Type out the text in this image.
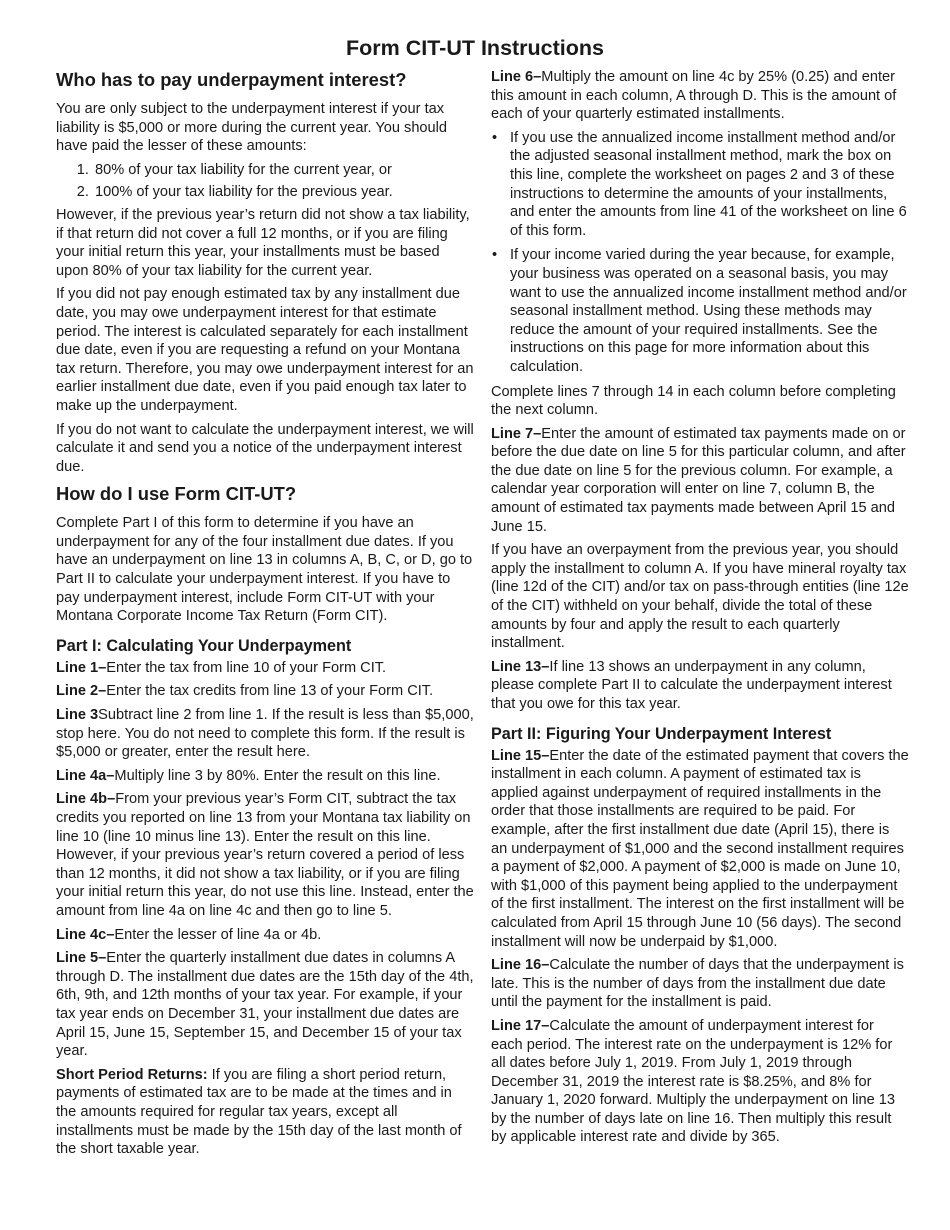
Form CIT-UT Instructions
Who has to pay underpayment interest?

You are only subject to the underpayment interest if your tax liability is $5,000 or more during the current year. You should have paid the lesser of these amounts:

1. 80% of your tax liability for the current year, or
2. 100% of your tax liability for the previous year.

However, if the previous year’s return did not show a tax liability, if that return did not cover a full 12 months, or if you are filing your initial return this year, your installments must be based upon 80% of your tax liability for the current year.

If you did not pay enough estimated tax by any installment due date, you may owe underpayment interest for that estimate period. The interest is calculated separately for each installment due date, even if you are requesting a refund on your Montana tax return. Therefore, you may owe underpayment interest for an earlier installment due date, even if you paid enough tax later to make up the underpayment.

If you do not want to calculate the underpayment interest, we will calculate it and send you a notice of the underpayment interest due.

How do I use Form CIT-UT?

Complete Part I of this form to determine if you have an underpayment for any of the four installment due dates. If you have an underpayment on line 13 in columns A, B, C, or D, go to Part II to calculate your underpayment interest. If you have to pay underpayment interest, include Form CIT-UT with your Montana Corporate Income Tax Return (Form CIT).

Part I: Calculating Your Underpayment

Line 1–Enter the tax from line 10 of your Form CIT.

Line 2–Enter the tax credits from line 13 of your Form CIT.

Line 3Subtract line 2 from line 1. If the result is less than $5,000, stop here. You do not need to complete this form. If the result is $5,000 or greater, enter the result here.

Line 4a–Multiply line 3 by 80%. Enter the result on this line.

Line 4b–From your previous year’s Form CIT, subtract the tax credits you reported on line 13 from your Montana tax liability on line 10 (line 10 minus line 13). Enter the result on this line. However, if your previous year’s return covered a period of less than 12 months, it did not show a tax liability, or if you are filing your initial return this year, do not use this line. Instead, enter the amount from line 4a on line 4c and then go to line 5.

Line 4c–Enter the lesser of line 4a or 4b.

Line 5–Enter the quarterly installment due dates in columns A through D. The installment due dates are the 15th day of the 4th, 6th, 9th, and 12th months of your tax year. For example, if your tax year ends on December 31, your installment due dates are April 15, June 15, September 15, and December 15 of your tax year.

Short Period Returns: If you are filing a short period return, payments of estimated tax are to be made at the times and in the amounts required for regular tax years, except all installments must be made by the 15th day of the last month of the short taxable year.

Line 6–Multiply the amount on line 4c by 25% (0.25) and enter this amount in each column, A through D. This is the amount of each of your quarterly estimated installments.

• If you use the annualized income installment method and/or the adjusted seasonal installment method, mark the box on this line, complete the worksheet on pages 2 and 3 of these instructions to determine the amounts of your installments, and enter the amounts from line 41 of the worksheet on line 6 of this form.
• If your income varied during the year because, for example, your business was operated on a seasonal basis, you may want to use the annualized income installment method and/or seasonal installment method. Using these methods may reduce the amount of your required installments. See the instructions on this page for more information about this calculation.

Complete lines 7 through 14 in each column before completing the next column.

Line 7–Enter the amount of estimated tax payments made on or before the due date on line 5 for this particular column, and after the due date on line 5 for the previous column. For example, a calendar year corporation will enter on line 7, column B, the amount of estimated tax payments made between April 15 and June 15.

If you have an overpayment from the previous year, you should apply the installment to column A. If you have mineral royalty tax (line 12d of the CIT) and/or tax on pass-through entities (line 12e of the CIT) withheld on your behalf, divide the total of these amounts by four and apply the result to each quarterly installment.

Line 13–If line 13 shows an underpayment in any column, please complete Part II to calculate the underpayment interest that you owe for this tax year.

Part II: Figuring Your Underpayment Interest

Line 15–Enter the date of the estimated payment that covers the installment in each column. A payment of estimated tax is applied against underpayment of required installments in the order that those installments are required to be paid. For example, after the first installment due date (April 15), there is an underpayment of $1,000 and the second installment requires a payment of $2,000. A payment of $2,000 is made on June 10, with $1,000 of this payment being applied to the underpayment of the first installment. The interest on the first installment will be calculated from April 15 through June 10 (56 days). The second installment will now be underpaid by $1,000.

Line 16–Calculate the number of days that the underpayment is late. This is the number of days from the installment due date until the payment for the installment is paid.

Line 17–Calculate the amount of underpayment interest for each period. The interest rate on the underpayment is 12% for all dates before July 1, 2019. From July 1, 2019 through December 31, 2019 the interest rate is $8.25%, and 8% for January 1, 2020 forward. Multiply the underpayment on line 13 by the number of days late on line 16. Then multiply this result by applicable interest rate and divide by 365.
